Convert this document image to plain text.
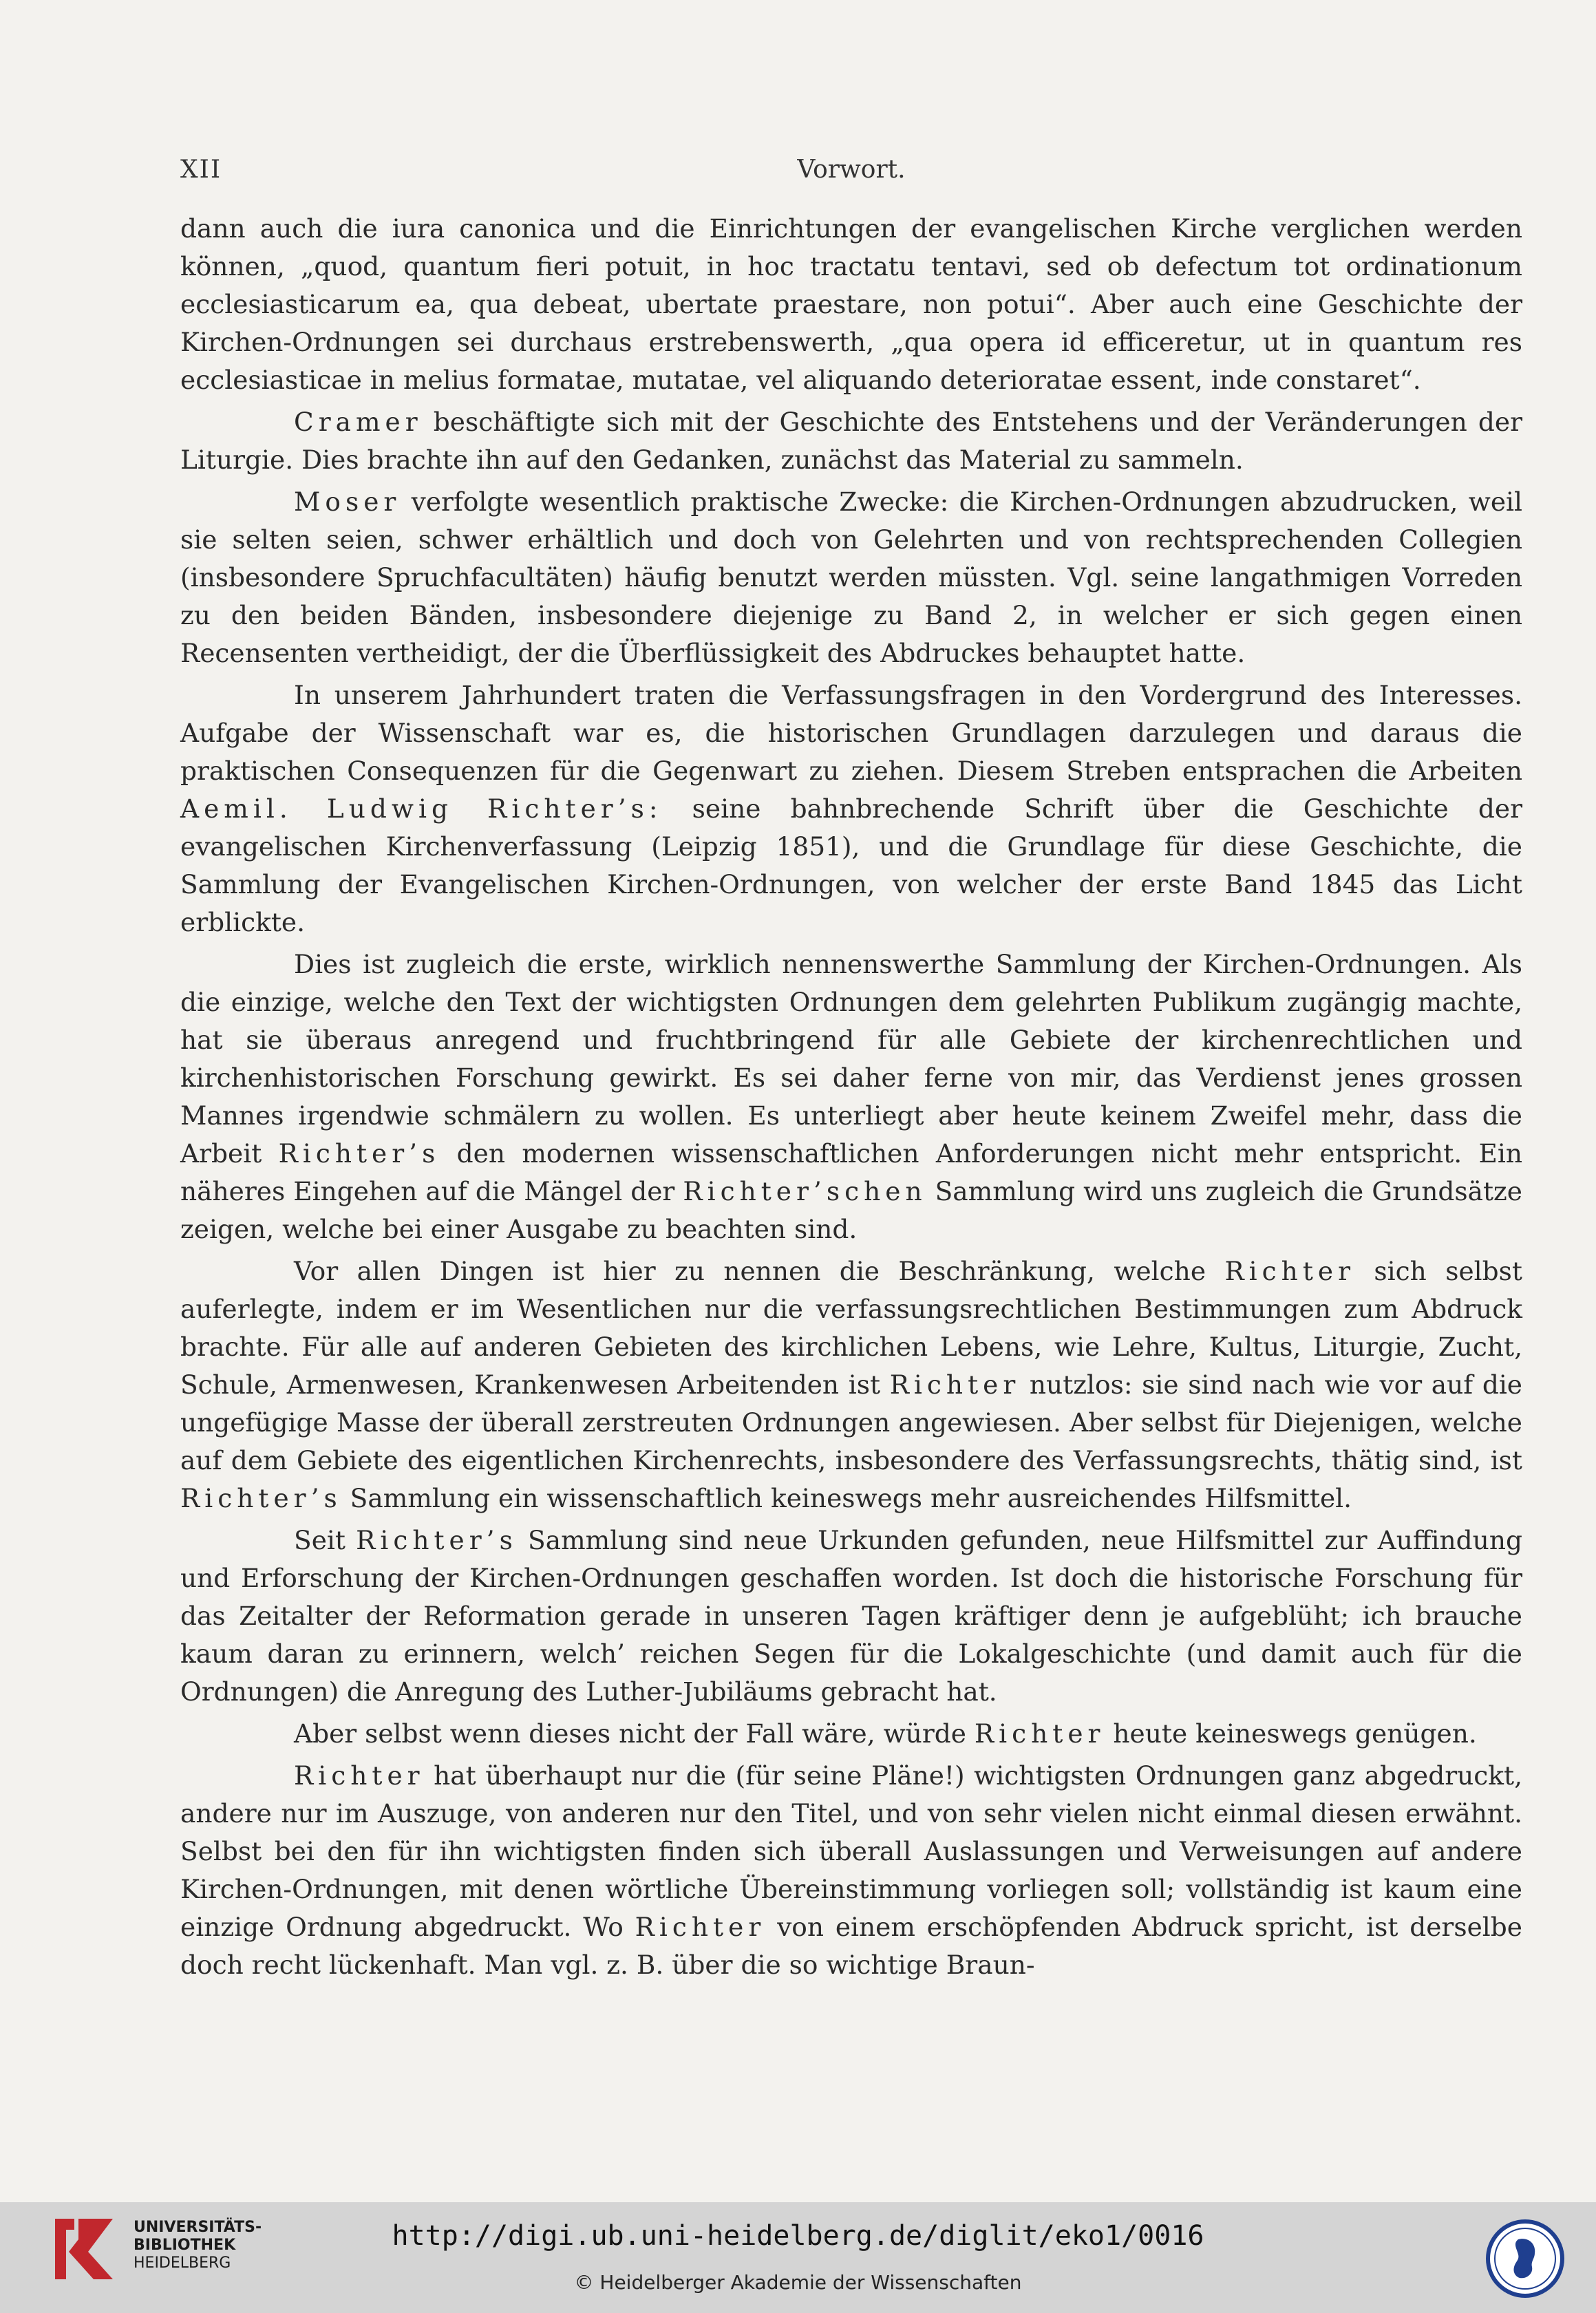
XII	Vorwort.

dann auch die iura canonica und die Einrichtungen der evangelischen Kirche verglichen werden können, „quod, quantum fieri potuit, in hoc tractatu tentavi, sed ob defectum tot ordinationum ecclesiasticarum ea, qua debeat, ubertate praestare, non potui“. Aber auch eine Geschichte der Kirchen-Ordnungen sei durchaus erstrebenswerth, „qua opera id efficeretur, ut in quantum res ecclesiasticae in melius formatae, mutatae, vel aliquando deterioratae essent, inde constaret“.

Cramer beschäftigte sich mit der Geschichte des Entstehens und der Veränderungen der Liturgie. Dies brachte ihn auf den Gedanken, zunächst das Material zu sammeln.

Moser verfolgte wesentlich praktische Zwecke: die Kirchen-Ordnungen abzudrucken, weil sie selten seien, schwer erhältlich und doch von Gelehrten und von rechtsprechenden Collegien (insbesondere Spruchfacultäten) häufig benutzt werden müssten. Vgl. seine langathmigen Vorreden zu den beiden Bänden, insbesondere diejenige zu Band 2, in welcher er sich gegen einen Recensenten vertheidigt, der die Überflüssigkeit des Abdruckes behauptet hatte.

In unserem Jahrhundert traten die Verfassungsfragen in den Vordergrund des Interesses. Aufgabe der Wissenschaft war es, die historischen Grundlagen darzulegen und daraus die praktischen Consequenzen für die Gegenwart zu ziehen. Diesem Streben entsprachen die Arbeiten Aemil. Ludwig Richter’s: seine bahnbrechende Schrift über die Geschichte der evangelischen Kirchenverfassung (Leipzig 1851), und die Grundlage für diese Geschichte, die Sammlung der Evangelischen Kirchen-Ordnungen, von welcher der erste Band 1845 das Licht erblickte.

Dies ist zugleich die erste, wirklich nennenswerthe Sammlung der Kirchen-Ordnungen. Als die einzige, welche den Text der wichtigsten Ordnungen dem gelehrten Publikum zugängig machte, hat sie überaus anregend und fruchtbringend für alle Gebiete der kirchenrechtlichen und kirchenhistorischen Forschung gewirkt. Es sei daher ferne von mir, das Verdienst jenes grossen Mannes irgendwie schmälern zu wollen. Es unterliegt aber heute keinem Zweifel mehr, dass die Arbeit Richter’s den modernen wissenschaftlichen Anforderungen nicht mehr entspricht. Ein näheres Eingehen auf die Mängel der Richter’schen Sammlung wird uns zugleich die Grundsätze zeigen, welche bei einer Ausgabe zu beachten sind.

Vor allen Dingen ist hier zu nennen die Beschränkung, welche Richter sich selbst auferlegte, indem er im Wesentlichen nur die verfassungsrechtlichen Bestimmungen zum Abdruck brachte. Für alle auf anderen Gebieten des kirchlichen Lebens, wie Lehre, Kultus, Liturgie, Zucht, Schule, Armenwesen, Krankenwesen Arbeitenden ist Richter nutzlos: sie sind nach wie vor auf die ungefügige Masse der überall zerstreuten Ordnungen angewiesen. Aber selbst für Diejenigen, welche auf dem Gebiete des eigentlichen Kirchenrechts, insbesondere des Verfassungsrechts, thätig sind, ist Richter’s Sammlung ein wissenschaftlich keineswegs mehr ausreichendes Hilfsmittel.

Seit Richter’s Sammlung sind neue Urkunden gefunden, neue Hilfsmittel zur Auffindung und Erforschung der Kirchen-Ordnungen geschaffen worden. Ist doch die historische Forschung für das Zeitalter der Reformation gerade in unseren Tagen kräftiger denn je aufgeblüht; ich brauche kaum daran zu erinnern, welch’ reichen Segen für die Lokalgeschichte (und damit auch für die Ordnungen) die Anregung des Luther-Jubiläums gebracht hat.

Aber selbst wenn dieses nicht der Fall wäre, würde Richter heute keineswegs genügen.

Richter hat überhaupt nur die (für seine Pläne!) wichtigsten Ordnungen ganz abgedruckt, andere nur im Auszuge, von anderen nur den Titel, und von sehr vielen nicht einmal diesen erwähnt. Selbst bei den für ihn wichtigsten finden sich überall Auslassungen und Verweisungen auf andere Kirchen-Ordnungen, mit denen wörtliche Übereinstimmung vorliegen soll; vollständig ist kaum eine einzige Ordnung abgedruckt. Wo Richter von einem erschöpfenden Abdruck spricht, ist derselbe doch recht lückenhaft. Man vgl. z. B. über die so wichtige Braun-

UNIVERSITÄTS-
BIBLIOTHEK
HEIDELBERG
http://digi.ub.uni-heidelberg.de/diglit/eko1/0016
© Heidelberger Akademie der Wissenschaften
